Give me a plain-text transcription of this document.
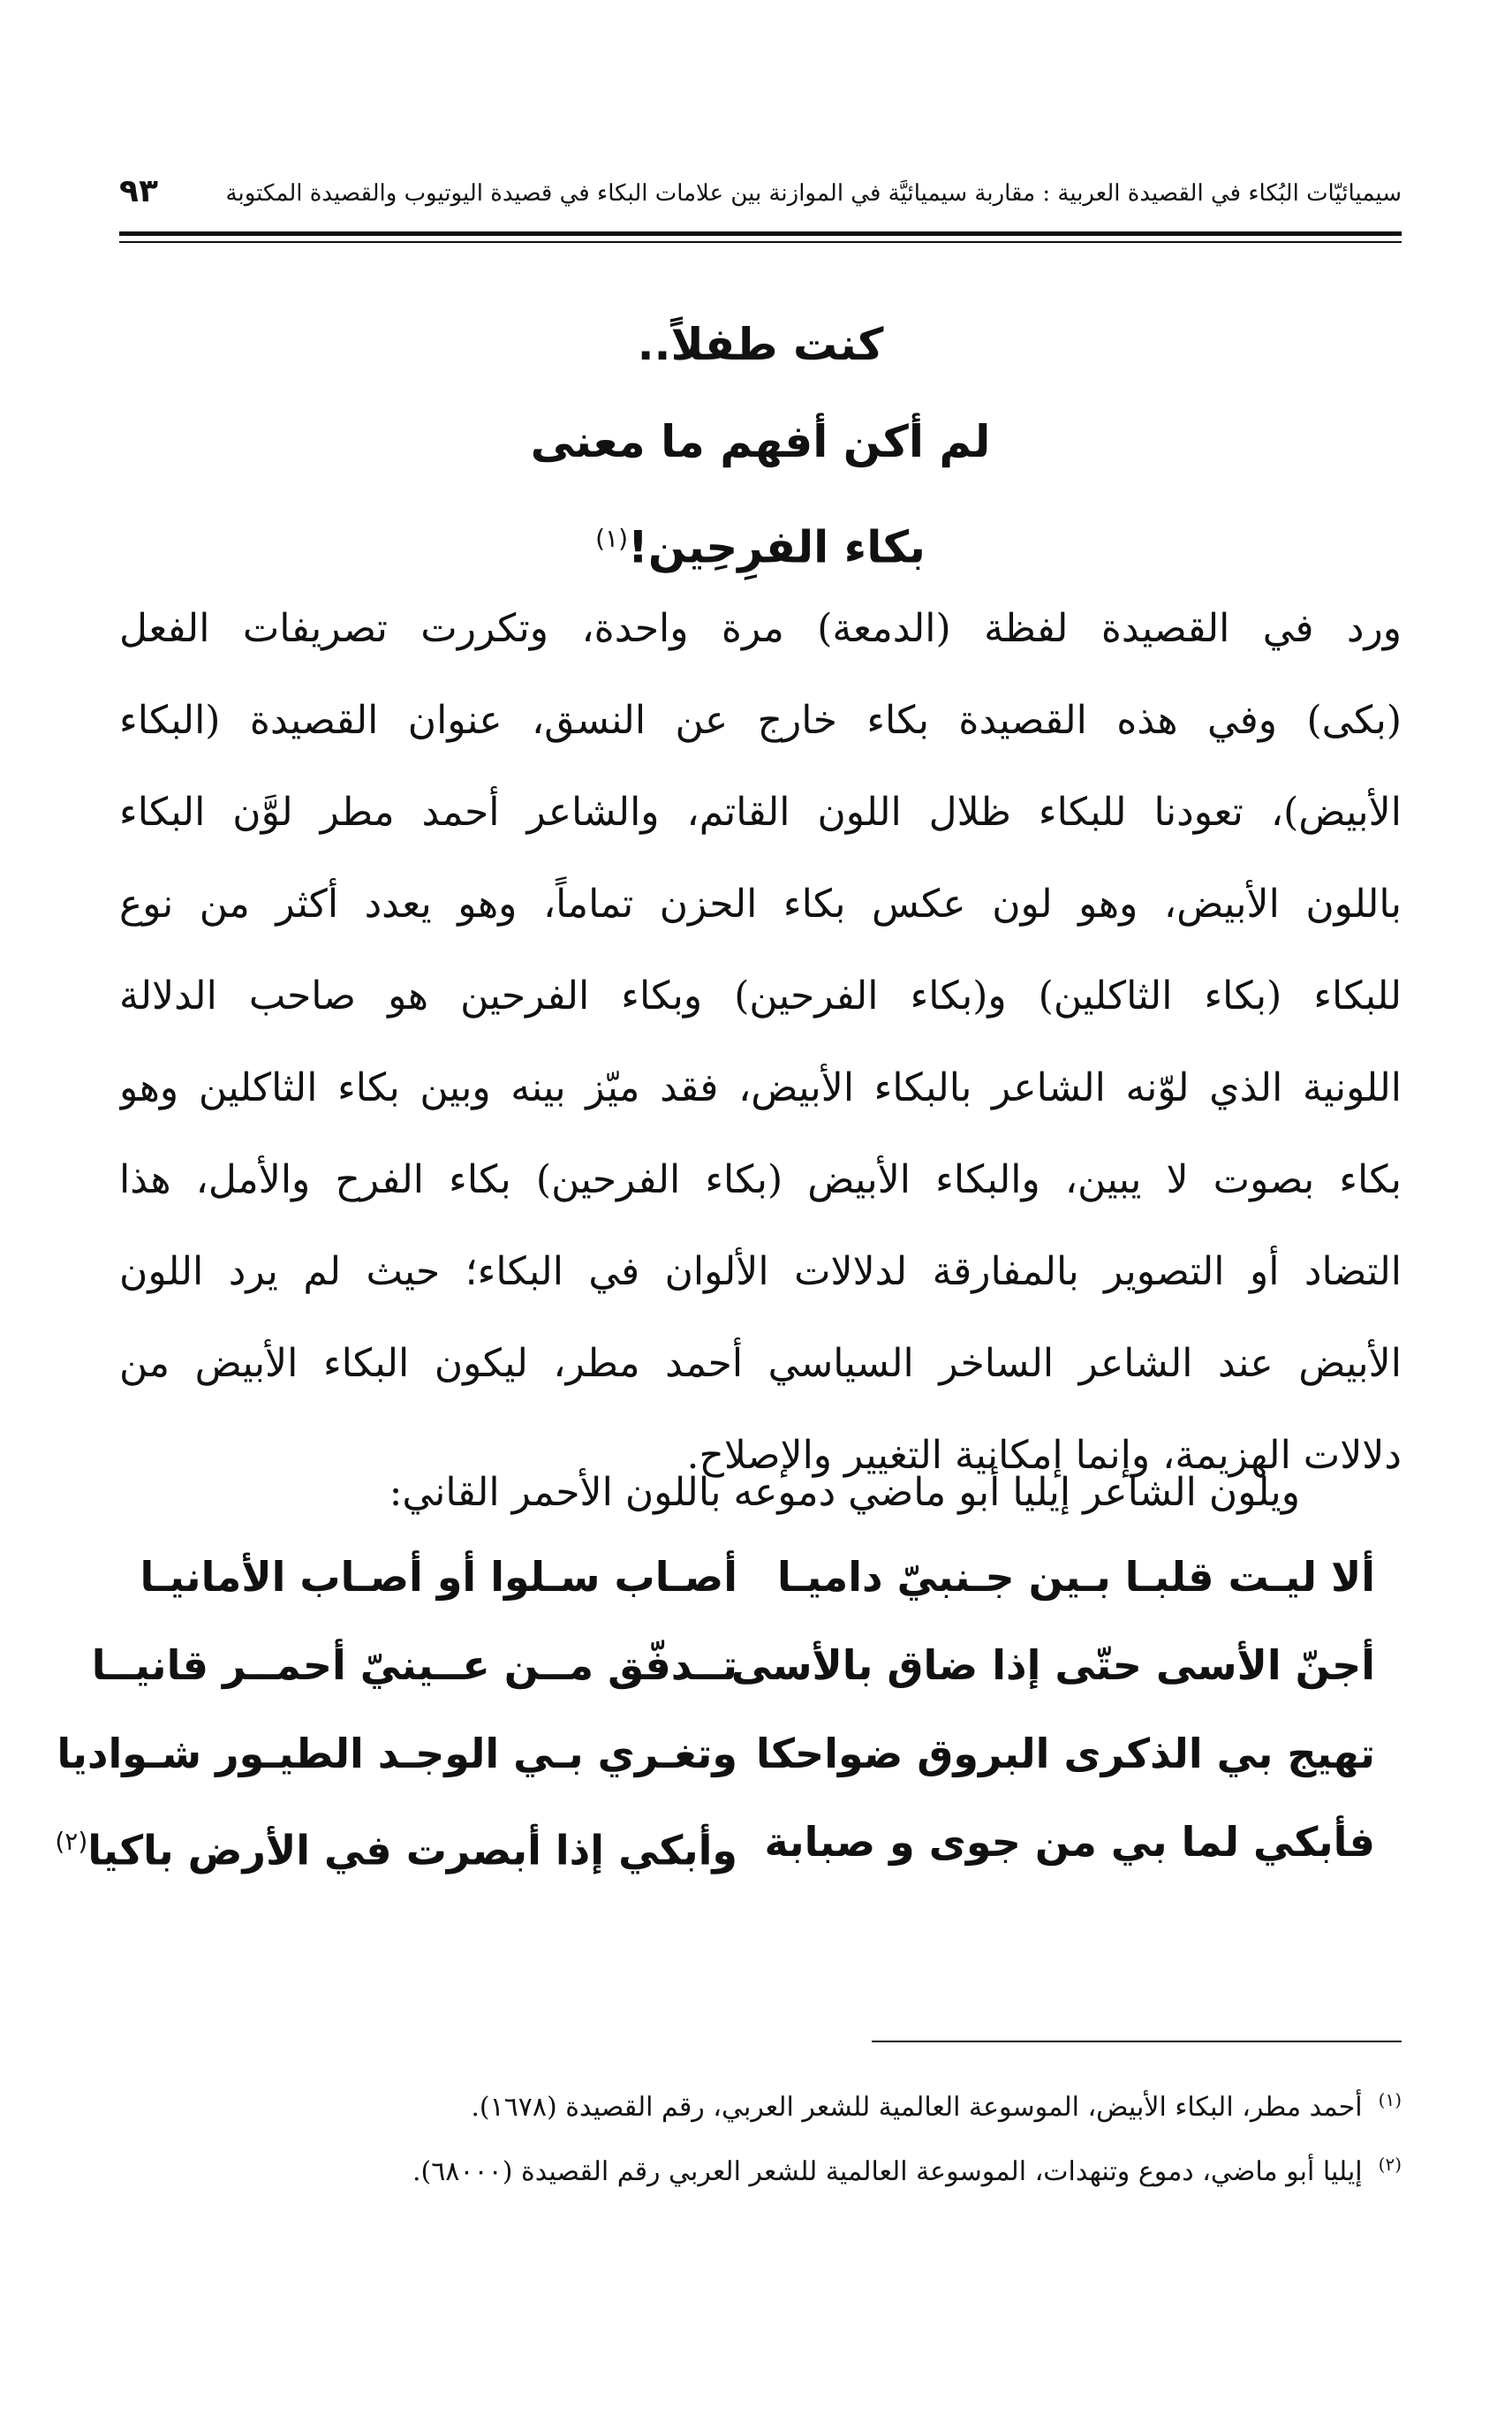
سيميائيّات البُكاء في القصيدة العربية : مقاربة سيميائيَّة في الموازنة بين علامات البكاء في قصيدة اليوتيوب والقصيدة المكتوبة
٩٣
كنت طفلاً..
لم أكن أفهم ما معنى
بكاء الفرِحِين!$^{(١)}$
ورد في القصيدة لفظة (الدمعة) مرة واحدة، وتكررت تصريفات الفعل
(بكى) وفي هذه القصيدة بكاء خارج عن النسق، عنوان القصيدة (البكاء
الأبيض)، تعودنا للبكاء ظلال اللون القاتم، والشاعر أحمد مطر لوَّن البكاء
باللون الأبيض، وهو لون عكس بكاء الحزن تماماً، وهو يعدد أكثر من نوع
للبكاء (بكاء الثاكلين) و(بكاء الفرحين) وبكاء الفرحين هو صاحب الدلالة
اللونية الذي لوّنه الشاعر بالبكاء الأبيض، فقد ميّز بينه وبين بكاء الثاكلين وهو
بكاء بصوت لا يبين، والبكاء الأبيض (بكاء الفرحين) بكاء الفرح والأمل، هذا
التضاد أو التصوير بالمفارقة لدلالات الألوان في البكاء؛ حيث لم يرد اللون
الأبيض عند الشاعر الساخر السياسي أحمد مطر، ليكون البكاء الأبيض من
دلالات الهزيمة، وإنما إمكانية التغيير والإصلاح.
ويلون الشاعر إيليا أبو ماضي دموعه باللون الأحمر القاني:
ألا ليـت قلبـا بـين جـنبيّ داميـا
أصـاب سـلوا أو أصـاب الأمانيـا
أجنّ الأسى حتّى إذا ضاق بالأسى
تــدفّق مــن عــينيّ أحمــر قانيــا
تهيج بي الذكرى البروق ضواحكا
وتغـري بـي الوجـد الطيـور شـواديا
فأبكي لما بي من جوى و صبابة
وأبكي إذا أبصرت في الأرض باكيا$^{(٢)}$
$^{(١)}$أحمد مطر، البكاء الأبيض، الموسوعة العالمية للشعر العربي، رقم القصيدة (١٦٧٨).
$^{(٢)}$إيليا أبو ماضي، دموع وتنهدات، الموسوعة العالمية للشعر العربي رقم القصيدة (٦٨٠٠٠).
